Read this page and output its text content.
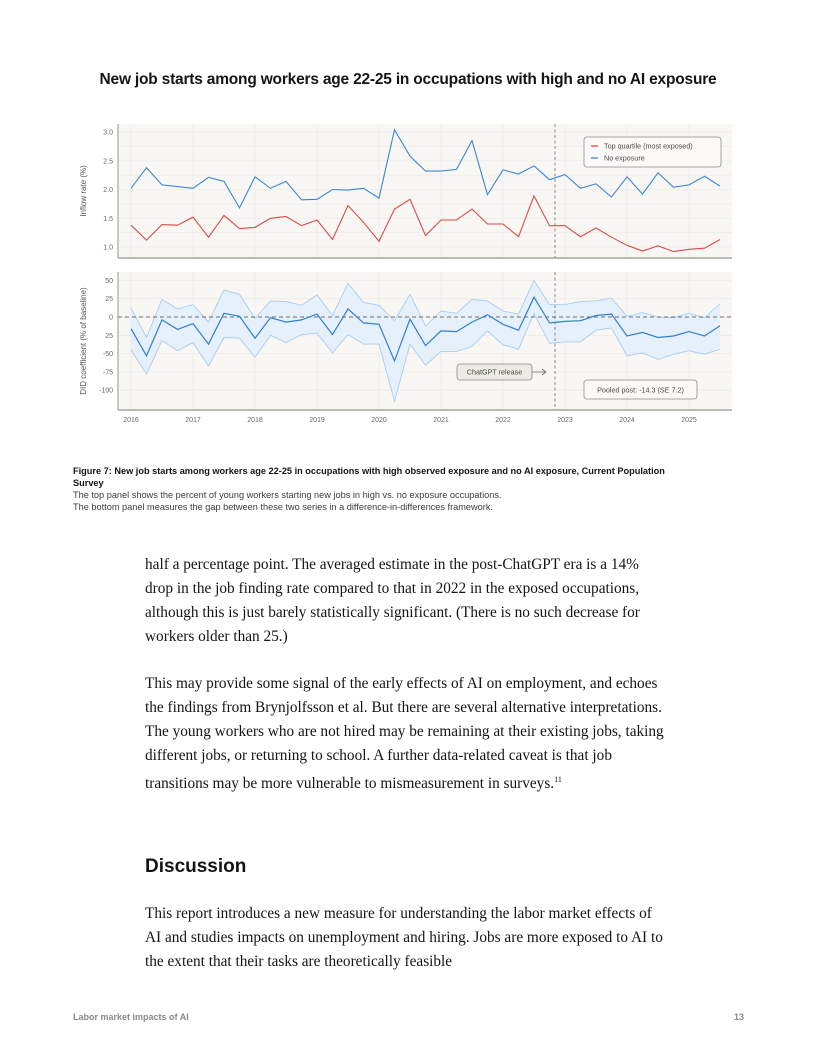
New job starts among workers age 22-25 in occupations with high and no AI exposure
3.0
2.5
2.0
1.5
1.0
Inflow rate (%)
Top quartile (most exposed)
No exposure
50
25
0
25
-50
-75
-100
2016	2017	2018	2019	2020	2021	2022	2023	2024	2025
DID coefficient (% of baseline)	ChatGPT release
Pooled post: -14.3 (SE 7.2)
Figure 7: New job starts among workers age 22-25 in occupations with high observed exposure and no AI exposure, Current Population Survey
The top panel shows the percent of young workers starting new jobs in high vs. no exposure occupations.
The bottom panel measures the gap between these two series in a difference-in-differences framework.

half a percentage point. The averaged estimate in the post-ChatGPT era is a 14% drop in the job finding rate compared to that in 2022 in the exposed occupations, although this is just barely statistically significant. (There is no such decrease for workers older than 25.)

This may provide some signal of the early effects of AI on employment, and echoes the findings from Brynjolfsson et al. But there are several alternative interpretations. The young workers who are not hired may be remaining at their existing jobs, taking different jobs, or returning to school. A further data-related caveat is that job transitions may be more vulnerable to mismeasurement in surveys.$^{11}$

Discussion

This report introduces a new measure for understanding the labor market effects of AI and studies impacts on unemployment and hiring. Jobs are more exposed to AI to the extent that their tasks are theoretically feasible

Labor market impacts of AI	13
